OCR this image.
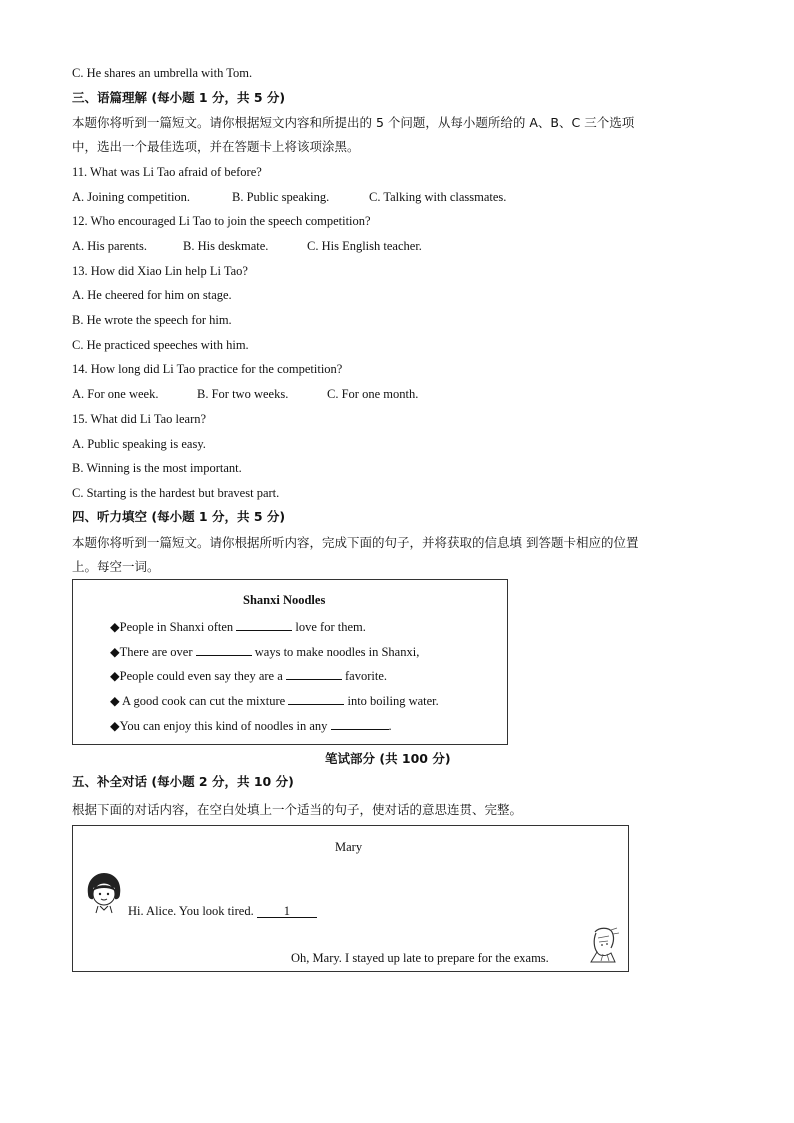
C. He shares an umbrella with Tom.
三、语篇理解 (每小题 1 分，共 5 分)
本题你将听到一篇短文。请你根据短文内容和所提出的 5 个问题，从每小题所给的 A、B、C 三个选项
中，选出一个最佳选项，并在答题卡上将该项涂黑。
11. What was Li Tao afraid of before?
A. Joining competition.	B. Public speaking.	C. Talking with classmates.
12. Who encouraged Li Tao to join the speech competition?
A. His parents.	B. His deskmate.	C. His English teacher.
13. How did Xiao Lin help Li Tao?
A. He cheered for him on stage.
B. He wrote the speech for him.
C. He practiced speeches with him.
14. How long did Li Tao practice for the competition?
A. For one week.	B. For two weeks.	C. For one month.
15. What did Li Tao learn?
A. Public speaking is easy.
B. Winning is the most important.
C. Starting is the hardest but bravest part.
四、听力填空 (每小题 1 分，共 5 分)
本题你将听到一篇短文。请你根据所听内容，完成下面的句子，并将获取的信息填 到答题卡相应的位置
上。每空一词。
Shanxi Noodles
◆People in Shanxi often	love for them.
◆There are over	ways to make noodles in Shanxi,
◆People could even say they are a	favorite.
◆ A good cook can cut the mixture	into boiling water.
◆You can enjoy this kind of noodles in any	.
笔试部分 (共 100 分)
五、补全对话 (每小题 2 分，共 10 分)
根据下面的对话内容，在空白处填上一个适当的句子，使对话的意思连贯、完整。
Mary
Hi. Alice. You look tired. 1
Oh, Mary. I stayed up late to prepare for the exams.
